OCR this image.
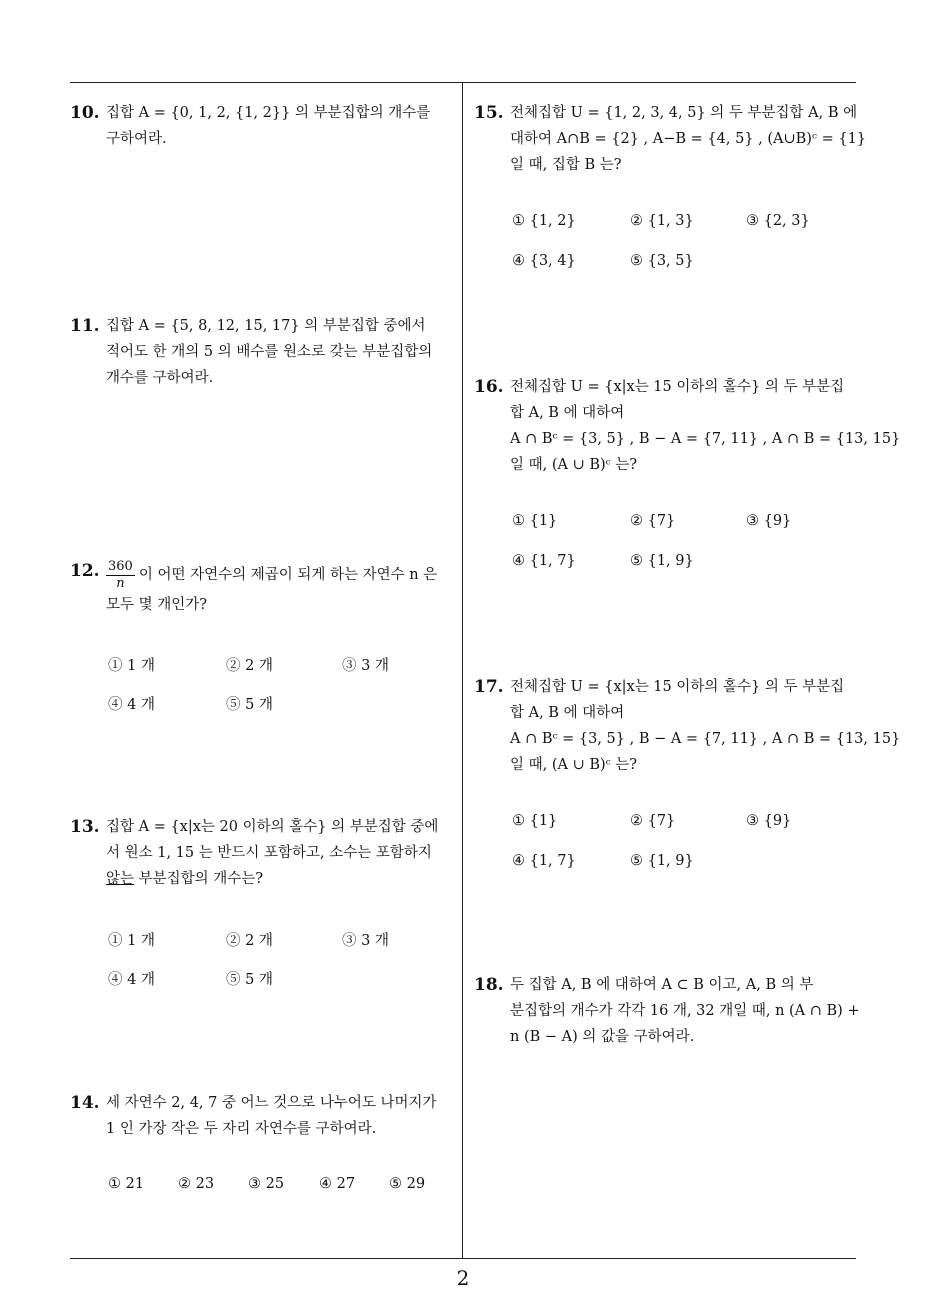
10. 집합 A = {0, 1, 2, {1, 2}} 의 부분집합의 개수를
구하여라.
11. 집합 A = {5, 8, 12, 15, 17} 의 부분집합 중에서
적어도 한 개의 5 의 배수를 원소로 갖는 부분집합의
개수를 구하여라.
12. $\frac{360}{n}$ 이 어떤 자연수의 제곱이 되게 하는 자연수 n 은
모두 몇 개인가?
① 1 개	② 2 개	③ 3 개
④ 4 개	⑤ 5 개
13. 집합 A = {x|x는 20 이하의 홀수} 의 부분집합 중에
서 원소 1, 15 는 반드시 포함하고, 소수는 포함하지
않는 부분집합의 개수는?
① 1 개	② 2 개	③ 3 개
④ 4 개	⑤ 5 개
14. 세 자연수 2, 4, 7 중 어느 것으로 나누어도 나머지가
1 인 가장 작은 두 자리 자연수를 구하여라.
① 21 ② 23 ③ 25 ④ 27 ⑤ 29
15. 전체집합 U = {1, 2, 3, 4, 5} 의 두 부분집합 A, B 에
대하여 A∩B = {2} , A−B = {4, 5} , (A∪B)ᶜ = {1}
일 때, 집합 B 는?
① {1, 2}	② {1, 3}	③ {2, 3}
④ {3, 4}	⑤ {3, 5}
16. 전체집합 U = {x|x는 15 이하의 홀수} 의 두 부분집
합 A, B 에 대하여
A ∩ Bᶜ = {3, 5} , B − A = {7, 11} , A ∩ B = {13, 15}
일 때, (A ∪ B)ᶜ 는?
① {1}	② {7}	③ {9}
④ {1, 7}	⑤ {1, 9}
17. 전체집합 U = {x|x는 15 이하의 홀수} 의 두 부분집
합 A, B 에 대하여
A ∩ Bᶜ = {3, 5} , B − A = {7, 11} , A ∩ B = {13, 15}
일 때, (A ∪ B)ᶜ 는?
① {1}	② {7}	③ {9}
④ {1, 7}	⑤ {1, 9}
18. 두 집합 A, B 에 대하여 A ⊂ B 이고, A, B 의 부
분집합의 개수가 각각 16 개, 32 개일 때, n (A ∩ B) +
n (B − A) 의 값을 구하여라.
2
